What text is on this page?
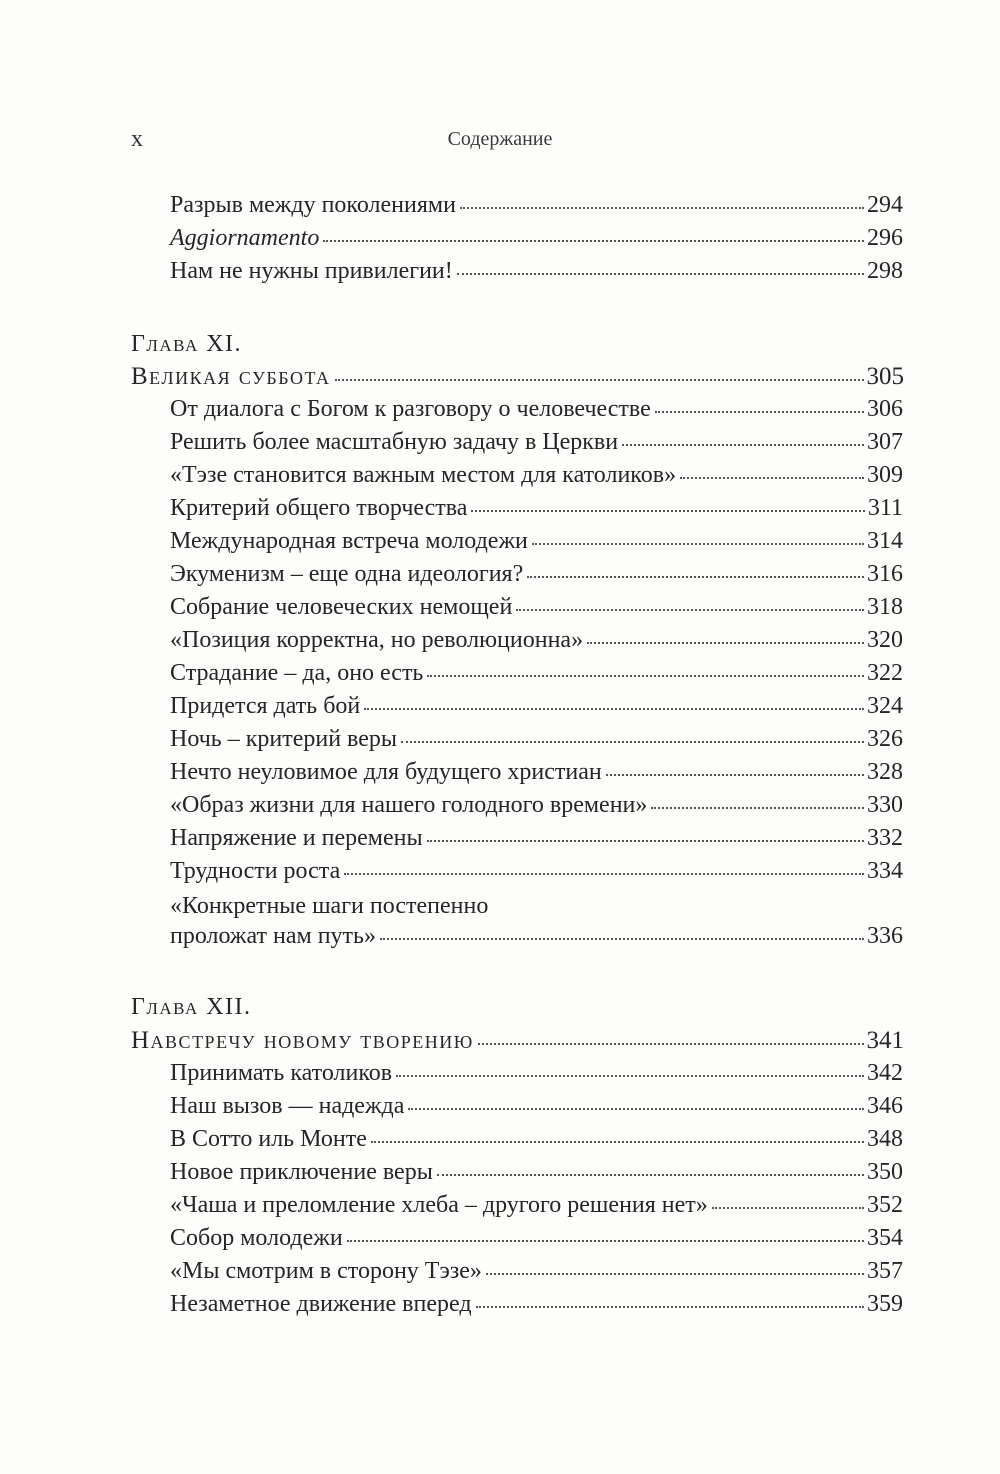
x	Содержание
Разрыв между поколениями	294
Aggiornamento	296
Нам не нужны привилегии!	298
Глава XI.
Великая суббота	305
От диалога с Богом к разговору о человечестве	306
Решить более масштабную задачу в Церкви	307
«Тэзе становится важным местом для католиков»	309
Критерий общего творчества	311
Международная встреча молодежи	314
Экуменизм – еще одна идеология?	316
Собрание человеческих немощей	318
«Позиция корректна, но революционна»	320
Страдание – да, оно есть	322
Придется дать бой	324
Ночь – критерий веры	326
Нечто неуловимое для будущего христиан	328
«Образ жизни для нашего голодного времени»	330
Напряжение и перемены	332
Трудности роста	334
«Конкретные шаги постепенно
проложат нам путь»	336
Глава XII.
Навстречу новому творению	341
Принимать католиков	342
Наш вызов — надежда	346
В Сотто иль Монте	348
Новое приключение веры	350
«Чаша и преломление хлеба – другого решения нет»	352
Собор молодежи	354
«Мы смотрим в сторону Тэзе»	357
Незаметное движение вперед	359
